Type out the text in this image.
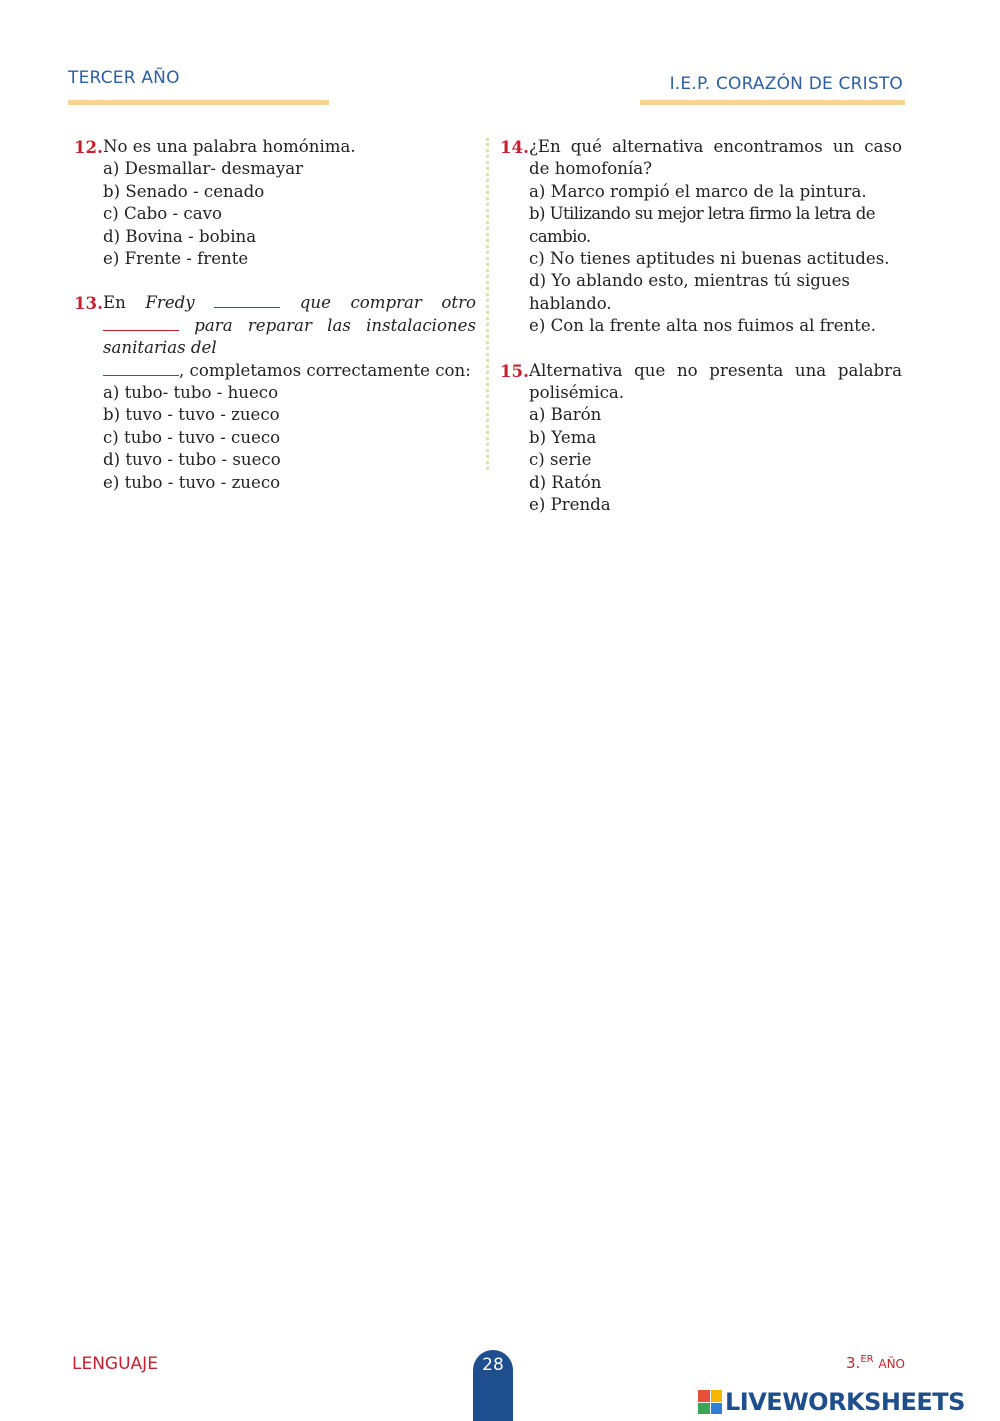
TERCER AÑO	I.E.P. CORAZÓN DE CRISTO
12. No es una palabra homónima.
a) Desmallar- desmayar
b) Senado - cenado
c) Cabo - cavo
d) Bovina - bobina
e) Frente - frente
13. En Fredy	que comprar otro  para reparar las instalaciones sanitarias del
, completamos correctamente con:
a) tubo- tubo - hueco
b) tuvo - tuvo - zueco
c) tubo - tuvo - cueco
d) tuvo - tubo - sueco
e) tubo - tuvo - zueco
14. ¿En qué alternativa encontramos un caso de homofonía?
a) Marco rompió el marco de la pintura.
b) Utilizando su mejor letra firmo la letra de cambio.
c) No tienes aptitudes ni buenas actitudes.
d) Yo ablando esto, mientras tú sigues hablando.
e) Con la frente alta nos fuimos al frente.
15. Alternativa que no presenta una palabra polisémica.
a) Barón
b) Yema
c) serie
d) Ratón
e) Prenda
LENGUAJE	28	3.$^{ER}$ AÑO
LIVEWORKSHEETS
